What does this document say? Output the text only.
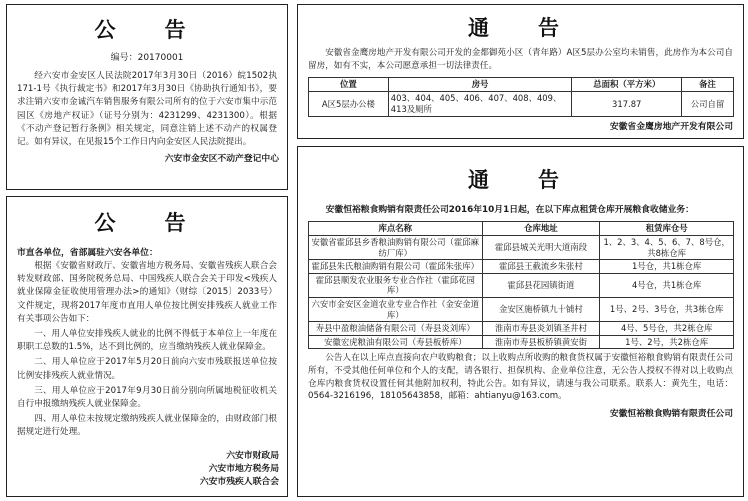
公　告
编号：20170001
经六安市金安区人民法院2017年3月30日（2016）皖1502执171-1号《执行裁定书》和2017年3月30日《协助执行通知书》，要求注销六安市金诚汽车销售服务有限公司所有的位于六安市集中示范园区《房地产权证》（证号分别为：4231299、4231300）。根据《不动产登记暂行条例》相关规定，同意注销上述不动产的权属登记。如有异议，在见报15个工作日内向金安区人民法院提出。
六安市金安区不动产登记中心
公　告
市直各单位，省部属驻六安各单位：
根据《安徽省财政厅、安徽省地方税务局、安徽省残疾人联合会转发财政部、国务院税务总局、中国残疾人联合会关于印发<残疾人就业保障金征收使用管理办法>的通知》（财综〔2015〕2033号）文件规定，现将2017年度市直用人单位按比例安排残疾人就业工作有关事项公告如下：
一、用人单位安排残疾人就业的比例不得低于本单位上一年度在职职工总数的1.5%，达不到比例的，应当缴纳残疾人就业保障金。
二、用人单位应于2017年5月20日前向六安市残联报送单位按比例安排残疾人就业情况。
三、用人单位应于2017年9月30日前分别向所属地税征收机关自行申报缴纳残疾人就业保障金。
四、用人单位未按规定缴纳残疾人就业保障金的，由财政部门根据规定进行处理。
六安市财政局
六安市地方税务局
六安市残疾人联合会
通　告
安徽省金鹰房地产开发有限公司开发的金都御苑小区（青年路）A区5层办公室均未销售，此房作为本公司自留房，如有不实，本公司愿意承担一切法律责任。
位置	房号	总面积（平方米）	备注
A区5层办公楼	403、404、405、406、407、408、409、413及厕所	317.87	公司自留
安徽省金鹰房地产开发有限公司
通　告
安徽恒裕粮食购销有限责任公司2016年10月1日起，在以下库点租赁仓库开展粮食收储业务：
库点名称	仓库地址	租赁库仓号
安徽省霍邱县乡香粮油购销有限公司（霍邱麻纺厂库）	霍邱县城关光明大道南段	1、2、3、4、5、6、7、8号仓，共8栋仓库
霍邱县朱氏粮油购销有限公司（霍邱朱张库）	霍邱县王截流乡朱张村	1号仓，共1栋仓库
霍邱县顺发农业服务专业合作社（霍邱花园库）	霍邱县花园镇街道	4号仓，共1栋仓库
六安市金安区金道农业专业合作社（金安金道库）	金安区施桥镇九十铺村	1号、2号、3号仓，共3栋仓库
寿县中盈粮油储备有限公司（寿县炎刘库）	淮南市寿县炎刘镇圣井村	4号、5号仓，共2栋仓库
安徽宏虎粮油有限公司（寿县板桥库）	淮南市寿县板桥镇黄安街	1号、2号，共2栋仓库
公告人在以上库点直接向农户收购粮食；以上收购点所收购的粮食货权属于安徽恒裕粮食购销有限责任公司所有，不受其他任何单位和个人的支配，请各银行、担保机构、企业单位注意，无公告人授权不得对以上收购点仓库内粮食货权设置任何其他附加权利，特此公告。如有异议，请速与我公司联系。联系人：黄先生，电话：0564-3216196，18105643858，邮箱：ahtianyu@163.com。
安徽恒裕粮食购销有限责任公司
